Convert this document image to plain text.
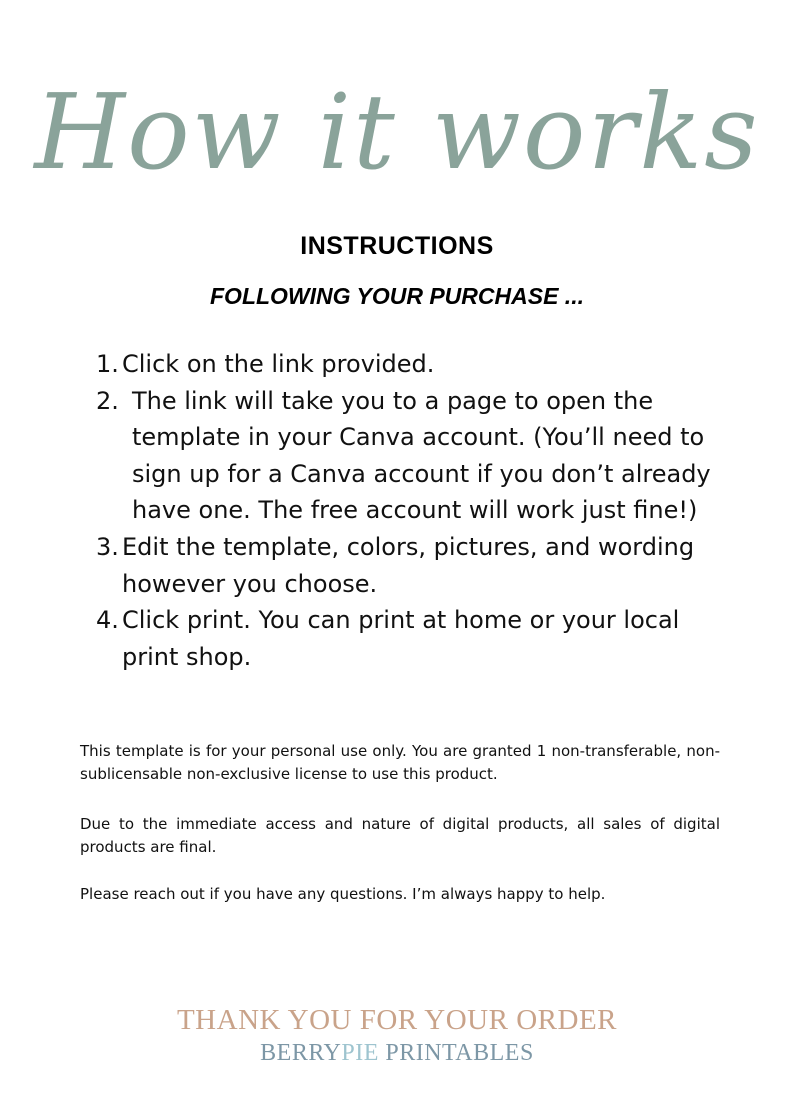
How it works
INSTRUCTIONS
FOLLOWING YOUR PURCHASE ...
1. Click on the link provided.
2. The link will take you to a page to open the template in your Canva account. (You’ll need to sign up for a Canva account if you don’t already have one. The free account will work just fine!)
3. Edit the template, colors, pictures, and wording however you choose.
4. Click print. You can print at home or your local print shop.

This template is for your personal use only. You are granted 1 non-transferable, non- sublicensable non-exclusive license to use this product.

Due to the immediate access and nature of digital products, all sales of digital products are final.

Please reach out if you have any questions. I’m always happy to help.

THANK YOU FOR YOUR ORDER
BERRYPIE PRINTABLES
